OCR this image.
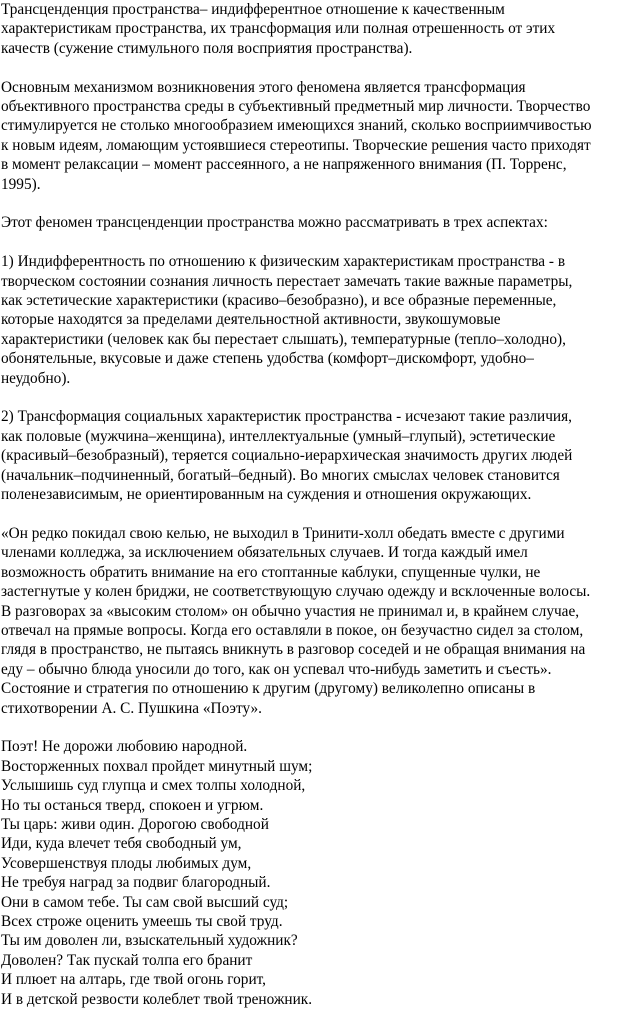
Трансценденция пространства– индифферентное отношение к качественным
характеристикам пространства, их трансформация или полная отрешенность от этих
качеств (сужение стимульного поля восприятия пространства).

Основным механизмом возникновения этого феномена является трансформация
объективного пространства среды в субъективный предметный мир личности. Творчество
стимулируется не столько многообразием имеющихся знаний, сколько восприимчивостью
к новым идеям, ломающим устоявшиеся стереотипы. Творческие решения часто приходят
в момент релаксации – момент рассеянного, а не напряженного внимания (П. Торренс,
1995).

Этот феномен трансценденции пространства можно рассматривать в трех аспектах:

1) Индифферентность по отношению к физическим характеристикам пространства - в
творческом состоянии сознания личность перестает замечать такие важные параметры,
как эстетические характеристики (красиво–безобразно), и все образные переменные,
которые находятся за пределами деятельностной активности, звукошумовые
характеристики (человек как бы перестает слышать), температурные (тепло–холодно),
обонятельные, вкусовые и даже степень удобства (комфорт–дискомфорт, удобно–
неудобно).

2) Трансформация социальных характеристик пространства - исчезают такие различия,
как половые (мужчина–женщина), интеллектуальные (умный–глупый), эстетические
(красивый–безобразный), теряется социально-иерархическая значимость других людей
(начальник–подчиненный, богатый–бедный). Во многих смыслах человек становится
поленезависимым, не ориентированным на суждения и отношения окружающих.

«Он редко покидал свою келью, не выходил в Тринити-холл обедать вместе с другими
членами колледжа, за исключением обязательных случаев. И тогда каждый имел
возможность обратить внимание на его стоптанные каблуки, спущенные чулки, не
застегнутые у колен бриджи, не соответствующую случаю одежду и всклоченные волосы.
В разговорах за «высоким столом» он обычно участия не принимал и, в крайнем случае,
отвечал на прямые вопросы. Когда его оставляли в покое, он безучастно сидел за столом,
глядя в пространство, не пытаясь вникнуть в разговор соседей и не обращая внимания на
еду – обычно блюда уносили до того, как он успевал что-нибудь заметить и съесть».
Состояние и стратегия по отношению к другим (другому) великолепно описаны в
стихотворении А. С. Пушкина «Поэту».

Поэт! Не дорожи любовию народной.
Восторженных похвал пройдет минутный шум;
Услышишь суд глупца и смех толпы холодной,
Но ты останься тверд, спокоен и угрюм.
Ты царь: живи один. Дорогою свободной
Иди, куда влечет тебя свободный ум,
Усовершенствуя плоды любимых дум,
Не требуя наград за подвиг благородный.
Они в самом тебе. Ты сам свой высший суд;
Всех строже оценить умеешь ты свой труд.
Ты им доволен ли, взыскательный художник?
Доволен? Так пускай толпа его бранит
И плюет на алтарь, где твой огонь горит,
И в детской резвости колеблет твой треножник.
